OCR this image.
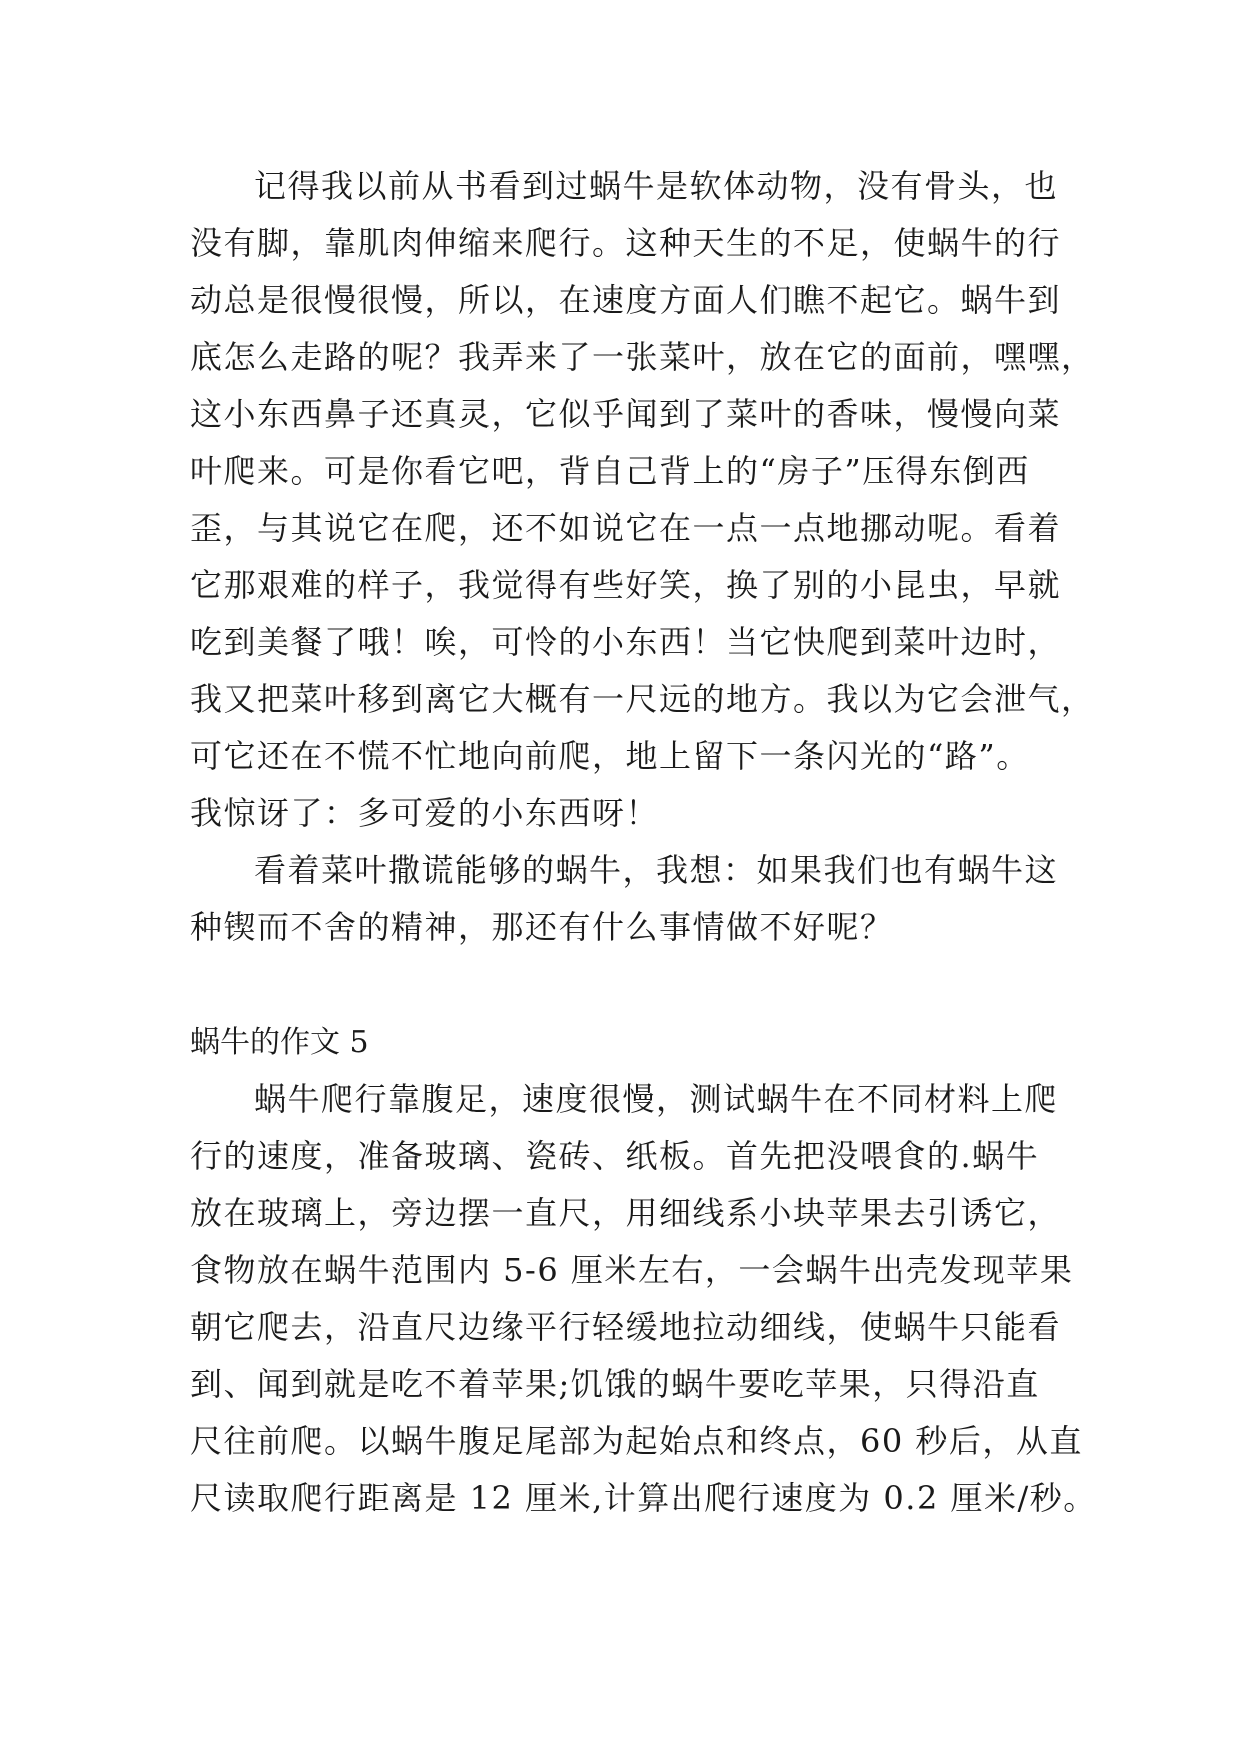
记得我以前从书看到过蜗牛是软体动物，没有骨头，也
没有脚，靠肌肉伸缩来爬行。这种天生的不足，使蜗牛的行
动总是很慢很慢，所以，在速度方面人们瞧不起它。蜗牛到
底怎么走路的呢？我弄来了一张菜叶，放在它的面前，嘿嘿，
这小东西鼻子还真灵，它似乎闻到了菜叶的香味，慢慢向菜
叶爬来。可是你看它吧，背自己背上的“房子”压得东倒西
歪，与其说它在爬，还不如说它在一点一点地挪动呢。看着
它那艰难的样子，我觉得有些好笑，换了别的小昆虫，早就
吃到美餐了哦！唉，可怜的小东西！当它快爬到菜叶边时，
我又把菜叶移到离它大概有一尺远的地方。我以为它会泄气，
可它还在不慌不忙地向前爬，地上留下一条闪光的“路”。
我惊讶了：多可爱的小东西呀！
看着菜叶撒谎能够的蜗牛，我想：如果我们也有蜗牛这
种锲而不舍的精神，那还有什么事情做不好呢？
蜗牛的作文 5
蜗牛爬行靠腹足，速度很慢，测试蜗牛在不同材料上爬
行的速度，准备玻璃、瓷砖、纸板。首先把没喂食的.蜗牛
放在玻璃上，旁边摆一直尺，用细线系小块苹果去引诱它，
食物放在蜗牛范围内 5-6 厘米左右，一会蜗牛出壳发现苹果
朝它爬去，沿直尺边缘平行轻缓地拉动细线，使蜗牛只能看
到、闻到就是吃不着苹果;饥饿的蜗牛要吃苹果，只得沿直
尺往前爬。以蜗牛腹足尾部为起始点和终点，60 秒后，从直
尺读取爬行距离是 12 厘米,计算出爬行速度为 0.2 厘米/秒。
